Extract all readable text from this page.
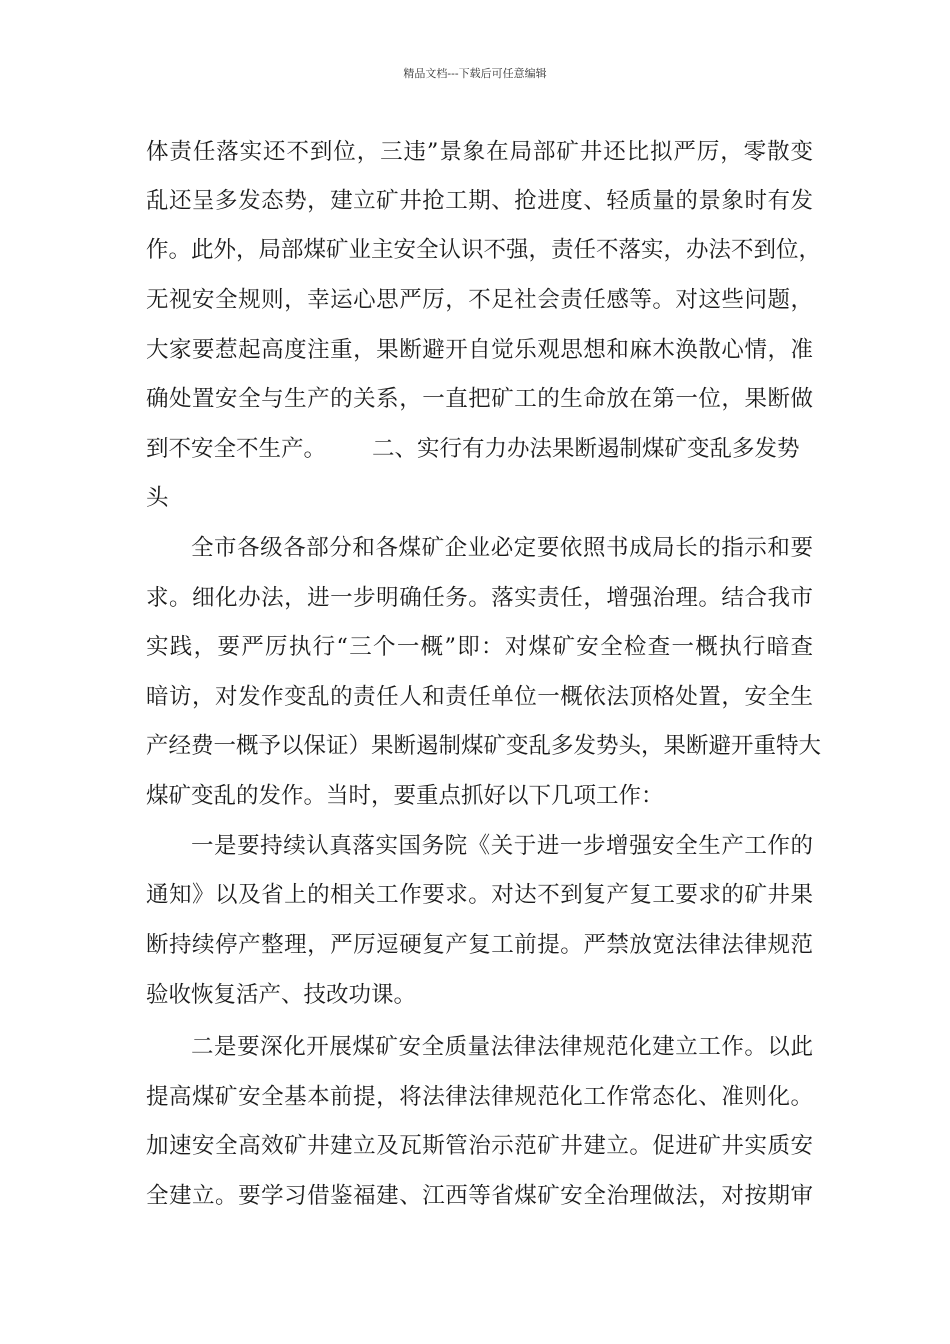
精品文档---下载后可任意编辑
体责任落实还不到位，三违”景象在局部矿井还比拟严厉，零散变
乱还呈多发态势，建立矿井抢工期、抢进度、轻质量的景象时有发
作。此外，局部煤矿业主安全认识不强，责任不落实，办法不到位，
无视安全规则，幸运心思严厉，不足社会责任感等。对这些问题，
大家要惹起高度注重，果断避开自觉乐观思想和麻木涣散心情，准
确处置安全与生产的关系，一直把矿工的生命放在第一位，果断做
到不安全不生产。 二、实行有力办法果断遏制煤矿变乱多发势
头
全市各级各部分和各煤矿企业必定要依照书成局长的指示和要
求。细化办法，进一步明确任务。落实责任，增强治理。结合我市
实践，要严厉执行“三个一概”即：对煤矿安全检查一概执行暗查
暗访，对发作变乱的责任人和责任单位一概依法顶格处置，安全生
产经费一概予以保证）果断遏制煤矿变乱多发势头，果断避开重特大
煤矿变乱的发作。当时，要重点抓好以下几项工作：
一是要持续认真落实国务院《关于进一步增强安全生产工作的
通知》以及省上的相关工作要求。对达不到复产复工要求的矿井果
断持续停产整理，严厉逗硬复产复工前提。严禁放宽法律法律规范
验收恢复活产、技改功课。
二是要深化开展煤矿安全质量法律法律规范化建立工作。以此
提高煤矿安全基本前提，将法律法律规范化工作常态化、准则化。
加速安全高效矿井建立及瓦斯管治示范矿井建立。促进矿井实质安
全建立。要学习借鉴福建、江西等省煤矿安全治理做法，对按期审
